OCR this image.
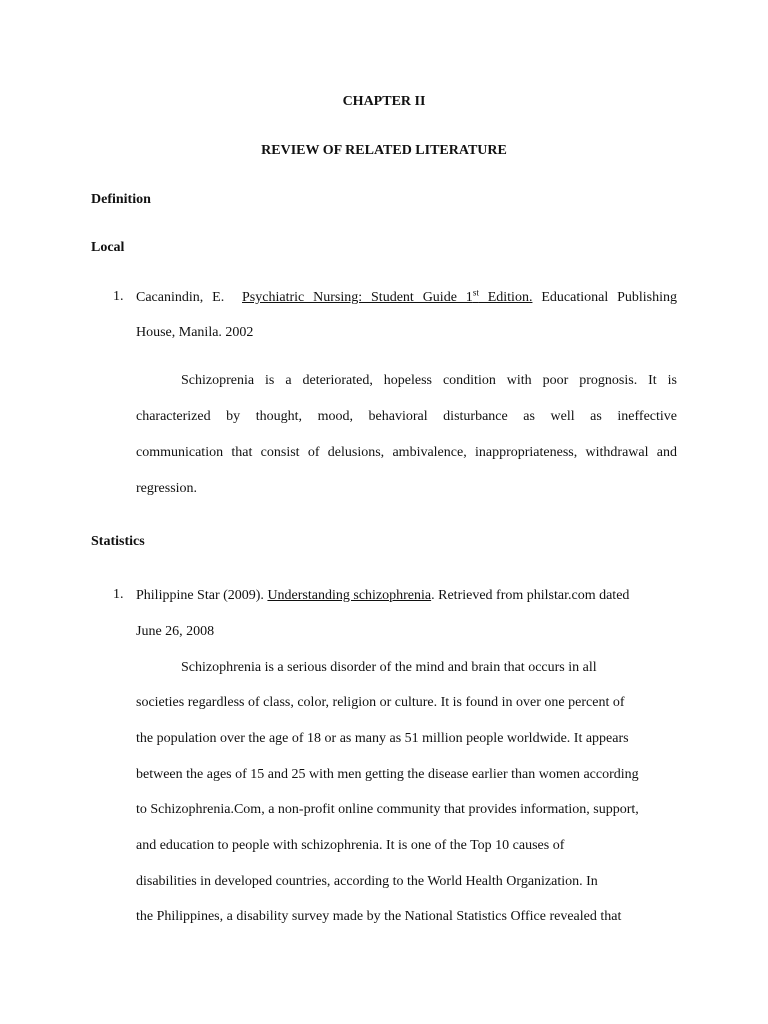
CHAPTER II

REVIEW OF RELATED LITERATURE

Definition

Local

1. Cacanindin, E. Psychiatric Nursing: Student Guide 1st Edition. Educational Publishing

House, Manila. 2002

Schizoprenia is a deteriorated, hopeless condition with poor prognosis. It is

characterized by thought, mood, behavioral disturbance as well as ineffective

communication that consist of delusions, ambivalence, inappropriateness, withdrawal and

regression.

Statistics

1. Philippine Star (2009). Understanding schizophrenia. Retrieved from philstar.com dated

June 26, 2008

Schizophrenia is a serious disorder of the mind and brain that occurs in all

societies regardless of class, color, religion or culture. It is found in over one percent of

the population over the age of 18 or as many as 51 million people worldwide. It appears

between the ages of 15 and 25 with men getting the disease earlier than women according

to Schizophrenia.Com, a non-profit online community that provides information, support,

and education to people with schizophrenia. It is one of the Top 10 causes of

disabilities in developed countries, according to the World Health Organization. In

the Philippines, a disability survey made by the National Statistics Office revealed that
